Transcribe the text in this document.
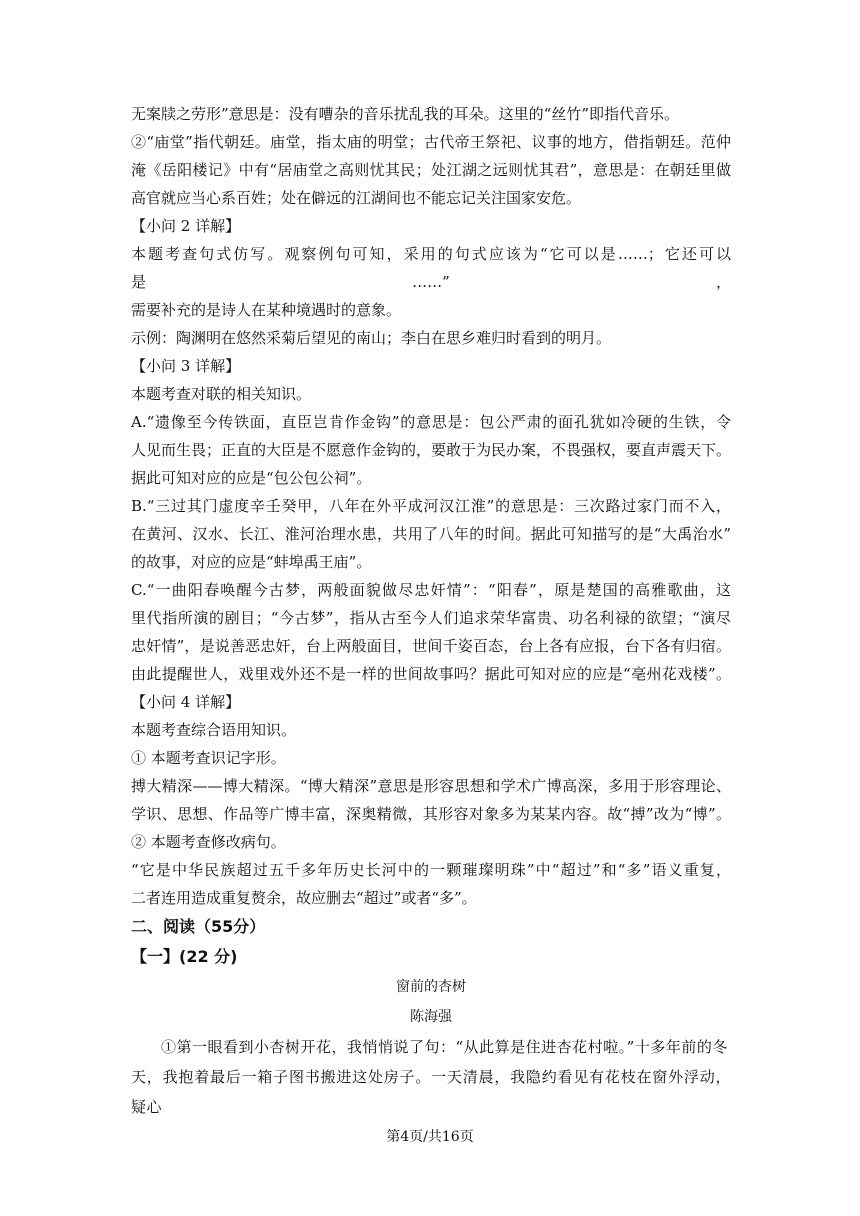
无案牍之劳形”意思是：没有嘈杂的音乐扰乱我的耳朵。这里的“丝竹”即指代音乐。

②“庙堂”指代朝廷。庙堂，指太庙的明堂；古代帝王祭祀、议事的地方，借指朝廷。范仲

淹《岳阳楼记》中有“居庙堂之高则忧其民；处江湖之远则忧其君”，意思是：在朝廷里做

高官就应当心系百姓；处在僻远的江湖间也不能忘记关注国家安危。

【小问 2 详解】

本题考查句式仿写。观察例句可知，采用的句式应该为“它可以是……；它还可以是……”，

需要补充的是诗人在某种境遇时的意象。

示例：陶渊明在悠然采菊后望见的南山；李白在思乡难归时看到的明月。

【小问 3 详解】

本题考查对联的相关知识。

A.“遗像至今传铁面，直臣岂肯作金钩”的意思是：包公严肃的面孔犹如冷硬的生铁，令

人见而生畏；正直的大臣是不愿意作金钩的，要敢于为民办案，不畏强权，要直声震天下。

据此可知对应的应是“包公包公祠”。

B.“三过其门虚度辛壬癸甲，八年在外平成河汉江淮”的意思是：三次路过家门而不入，

在黄河、汉水、长江、淮河治理水患，共用了八年的时间。据此可知描写的是“大禹治水”

的故事，对应的应是“蚌埠禹王庙”。

C.“一曲阳春唤醒今古梦，两般面貌做尽忠奸情”：“阳春”，原是楚国的高雅歌曲，这

里代指所演的剧目；“今古梦”，指从古至今人们追求荣华富贵、功名利禄的欲望；“演尽

忠奸情”，是说善恶忠奸，台上两般面目，世间千姿百态，台上各有应报，台下各有归宿。

由此提醒世人，戏里戏外还不是一样的世间故事吗？据此可知对应的应是“亳州花戏楼”。

【小问 4 详解】

本题考查综合语用知识。

① 本题考查识记字形。

搏大精深——博大精深。“博大精深”意思是形容思想和学术广博高深，多用于形容理论、

学识、思想、作品等广博丰富，深奥精微，其形容对象多为某某内容。故“搏”改为“博”。

② 本题考查修改病句。

“它是中华民族超过五千多年历史长河中的一颗璀璨明珠”中“超过”和“多”语义重复，

二者连用造成重复赘余，故应删去“超过”或者“多”。

二、阅读（55分）

【一】(22 分)

窗前的杏树

陈海强

①第一眼看到小杏树开花，我悄悄说了句：“从此算是住进杏花村啦。”十多年前的冬

天，我抱着最后一箱子图书搬进这处房子。一天清晨，我隐约看见有花枝在窗外浮动，疑心

第4页/共16页
